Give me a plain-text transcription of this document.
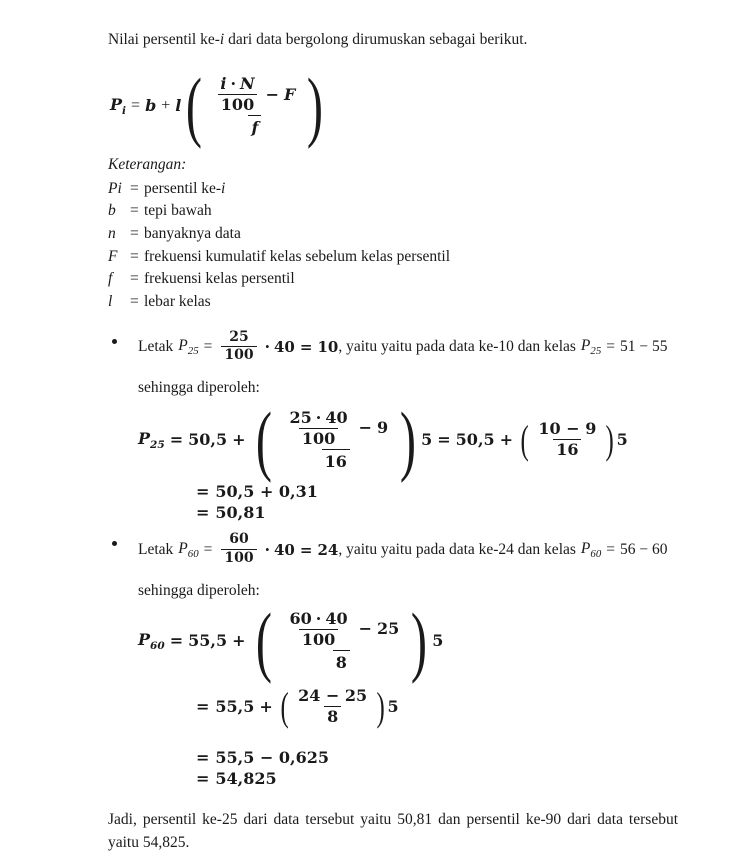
Nilai persentil ke-i dari data bergolong dirumuskan sebagai berikut.

$P_i = b + l$ ( $\frac{i \cdot N}{100} - F$
f )
Keterangan:
Pi = persentil ke-i
b = tepi bawah
n = banyaknya data
F = frekuensi kumulatif kelas sebelum kelas persentil
f	= frekuensi kelas persentil
l	= lebar kelas
Letak $P_{25} = \frac{25}{100} \cdot 40 = 10$ , yaitu yaitu pada data ke-10 dan kelas $P_{25} = 51 - 55$
sehingga diperoleh:
$P_{25} = 50,5$ + ( $\frac{25 \cdot 40}{100} - 9$
16 ) 5 = 50,5 + ( $\frac{10 - 9}{16}$ ) 5
= 50,5 + 0,31
= 50,81
Letak $P_{60} = \frac{60}{100} \cdot 40 = 24$ , yaitu yaitu pada data ke-24 dan kelas $P_{60} = 56 - 60$
sehingga diperoleh:
$P_{60} = 55,5$ + ( $\frac{60 \cdot 40}{100} - 25$
8 ) 5
= 55,5 + ( $\frac{24 - 25}{8}$ ) 5
= 55,5 − 0,625
= 54,825

Jadi, persentil ke-25 dari data tersebut yaitu 50,81 dan persentil ke-90 dari data tersebut yaitu 54,825.
